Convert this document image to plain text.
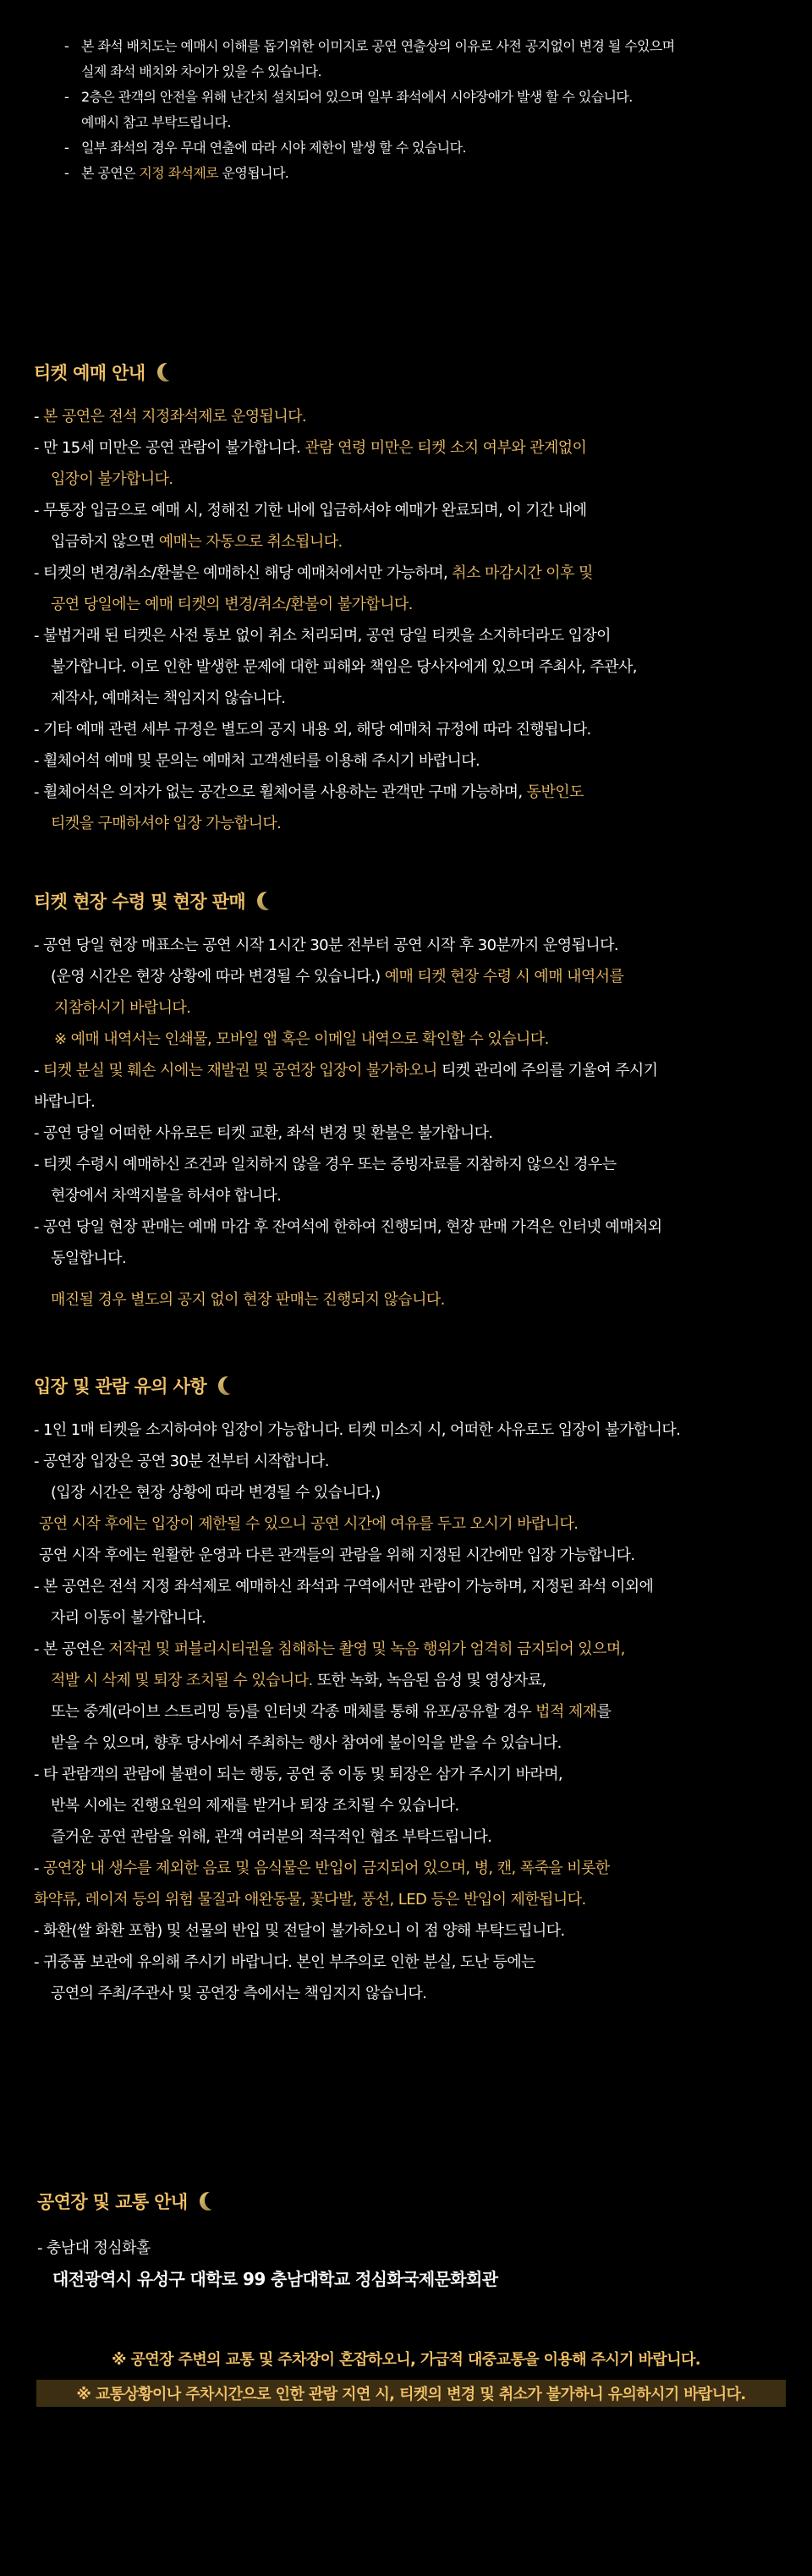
- 본 좌석 배치도는 예매시 이해를 돕기위한 이미지로 공연 연출상의 이유로 사전 공지없이 변경 될 수있으며
실제 좌석 배치와 차이가 있을 수 있습니다.
- 2층은 관객의 안전을 위해 난간치 설치되어 있으며 일부 좌석에서 시야장애가 발생 할 수 있습니다.
예매시 참고 부탁드립니다.
- 일부 좌석의 경우 무대 연출에 따라 시야 제한이 발생 할 수 있습니다.
- 본 공연은 지정 좌석제로 운영됩니다.
티켓 예매 안내
- 본 공연은 전석 지정좌석제로 운영됩니다.
- 만 15세 미만은 공연 관람이 불가합니다. 관람 연령 미만은 티켓 소지 여부와 관계없이
입장이 불가합니다.
- 무통장 입금으로 예매 시, 정해진 기한 내에 입금하셔야 예매가 완료되며, 이 기간 내에
입금하지 않으면 예매는 자동으로 취소됩니다.
- 티켓의 변경/취소/환불은 예매하신 해당 예매처에서만 가능하며, 취소 마감시간 이후 및
공연 당일에는 예매 티켓의 변경/취소/환불이 불가합니다.
- 불법거래 된 티켓은 사전 통보 없이 취소 처리되며, 공연 당일 티켓을 소지하더라도 입장이
불가합니다. 이로 인한 발생한 문제에 대한 피해와 책임은 당사자에게 있으며 주최사, 주관사,
제작사, 예매처는 책임지지 않습니다.
- 기타 예매 관련 세부 규정은 별도의 공지 내용 외, 해당 예매처 규정에 따라 진행됩니다.
- 휠체어석 예매 및 문의는 예매처 고객센터를 이용해 주시기 바랍니다.
- 휠체어석은 의자가 없는 공간으로 휠체어를 사용하는 관객만 구매 가능하며, 동반인도
티켓을 구매하셔야 입장 가능합니다.
티켓 현장 수령 및 현장 판매
- 공연 당일 현장 매표소는 공연 시작 1시간 30분 전부터 공연 시작 후 30분까지 운영됩니다.
(운영 시간은 현장 상황에 따라 변경될 수 있습니다.) 예매 티켓 현장 수령 시 예매 내역서를
지참하시기 바랍니다.
※ 예매 내역서는 인쇄물, 모바일 앱 혹은 이메일 내역으로 확인할 수 있습니다.
- 티켓 분실 및 훼손 시에는 재발권 및 공연장 입장이 불가하오니 티켓 관리에 주의를 기울여 주시기
바랍니다.
- 공연 당일 어떠한 사유로든 티켓 교환, 좌석 변경 및 환불은 불가합니다.
- 티켓 수령시 예매하신 조건과 일치하지 않을 경우 또는 증빙자료를 지참하지 않으신 경우는
현장에서 차액지불을 하셔야 합니다.
- 공연 당일 현장 판매는 예매 마감 후 잔여석에 한하여 진행되며, 현장 판매 가격은 인터넷 예매처외
동일합니다.
매진될 경우 별도의 공지 없이 현장 판매는 진행되지 않습니다.
입장 및 관람 유의 사항
- 1인 1매 티켓을 소지하여야 입장이 가능합니다. 티켓 미소지 시, 어떠한 사유로도 입장이 불가합니다.
- 공연장 입장은 공연 30분 전부터 시작합니다.
(입장 시간은 현장 상황에 따라 변경될 수 있습니다.)
공연 시작 후에는 입장이 제한될 수 있으니 공연 시간에 여유를 두고 오시기 바랍니다.
공연 시작 후에는 원활한 운영과 다른 관객들의 관람을 위해 지정된 시간에만 입장 가능합니다.
- 본 공연은 전석 지정 좌석제로 예매하신 좌석과 구역에서만 관람이 가능하며, 지정된 좌석 이외에
자리 이동이 불가합니다.
- 본 공연은 저작권 및 퍼블리시티권을 침해하는 촬영 및 녹음 행위가 엄격히 금지되어 있으며,
적발 시 삭제 및 퇴장 조치될 수 있습니다. 또한 녹화, 녹음된 음성 및 영상자료,
또는 중계(라이브 스트리밍 등)를 인터넷 각종 매체를 통해 유포/공유할 경우 법적 제재를
받을 수 있으며, 향후 당사에서 주최하는 행사 참여에 불이익을 받을 수 있습니다.
- 타 관람객의 관람에 불편이 되는 행동, 공연 중 이동 및 퇴장은 삼가 주시기 바라며,
반복 시에는 진행요원의 제재를 받거나 퇴장 조치될 수 있습니다.
즐거운 공연 관람을 위해, 관객 여러분의 적극적인 협조 부탁드립니다.
- 공연장 내 생수를 제외한 음료 및 음식물은 반입이 금지되어 있으며, 병, 캔, 폭죽을 비롯한
화약류, 레이저 등의 위험 물질과 애완동물, 꽃다발, 풍선, LED 등은 반입이 제한됩니다.
- 화환(쌀 화환 포함) 및 선물의 반입 및 전달이 불가하오니 이 점 양해 부탁드립니다.
- 귀중품 보관에 유의해 주시기 바랍니다. 본인 부주의로 인한 분실, 도난 등에는
공연의 주최/주관사 및 공연장 측에서는 책임지지 않습니다.
공연장 및 교통 안내
- 충남대 정심화홀
대전광역시 유성구 대학로 99 충남대학교 정심화국제문화회관
※ 공연장 주변의 교통 및 주차장이 혼잡하오니, 가급적 대중교통을 이용해 주시기 바랍니다.
※ 교통상황이나 주차시간으로 인한 관람 지연 시, 티켓의 변경 및 취소가 불가하니 유의하시기 바랍니다.
